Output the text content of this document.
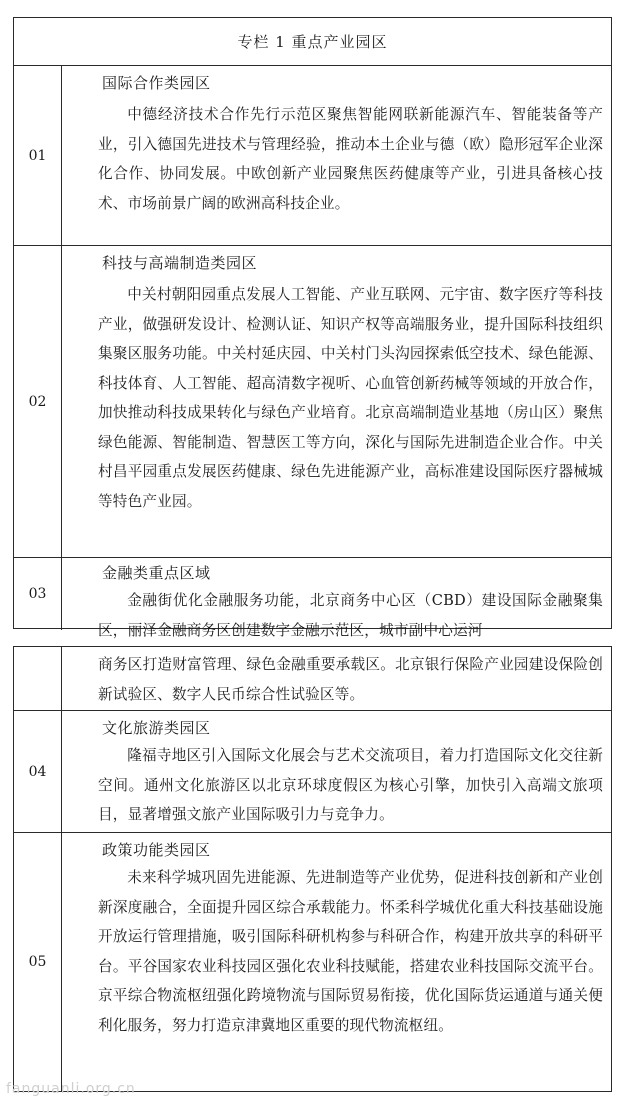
专栏 1 重点产业园区
01
国际合作类园区
中德经济技术合作先行示范区聚焦智能网联新能源汽车、智能装备等产业，引入德国先进技术与管理经验，推动本土企业与德（欧）隐形冠军企业深化合作、协同发展。中欧创新产业园聚焦医药健康等产业，引进具备核心技术、市场前景广阔的欧洲高科技企业。
02
科技与高端制造类园区
中关村朝阳园重点发展人工智能、产业互联网、元宇宙、数字医疗等科技产业，做强研发设计、检测认证、知识产权等高端服务业，提升国际科技组织集聚区服务功能。中关村延庆园、中关村门头沟园探索低空技术、绿色能源、科技体育、人工智能、超高清数字视听、心血管创新药械等领域的开放合作，加快推动科技成果转化与绿色产业培育。北京高端制造业基地（房山区）聚焦绿色能源、智能制造、智慧医工等方向，深化与国际先进制造企业合作。中关村昌平园重点发展医药健康、绿色先进能源产业，高标准建设国际医疗器械城等特色产业园。
03
金融类重点区域
金融街优化金融服务功能，北京商务中心区（CBD）建设国际金融聚集区，丽泽金融商务区创建数字金融示范区，城市副中心运河
商务区打造财富管理、绿色金融重要承载区。北京银行保险产业园建设保险创新试验区、数字人民币综合性试验区等。
04
文化旅游类园区
隆福寺地区引入国际文化展会与艺术交流项目，着力打造国际文化交往新空间。通州文化旅游区以北京环球度假区为核心引擎，加快引入高端文旅项目，显著增强文旅产业国际吸引力与竞争力。
05
政策功能类园区
未来科学城巩固先进能源、先进制造等产业优势，促进科技创新和产业创新深度融合，全面提升园区综合承载能力。怀柔科学城优化重大科技基础设施开放运行管理措施，吸引国际科研机构参与科研合作，构建开放共享的科研平台。平谷国家农业科技园区强化农业科技赋能，搭建农业科技国际交流平台。京平综合物流枢纽强化跨境物流与国际贸易衔接，优化国际货运通道与通关便利化服务，努力打造京津冀地区重要的现代物流枢纽。
fanguanli.org.cn
